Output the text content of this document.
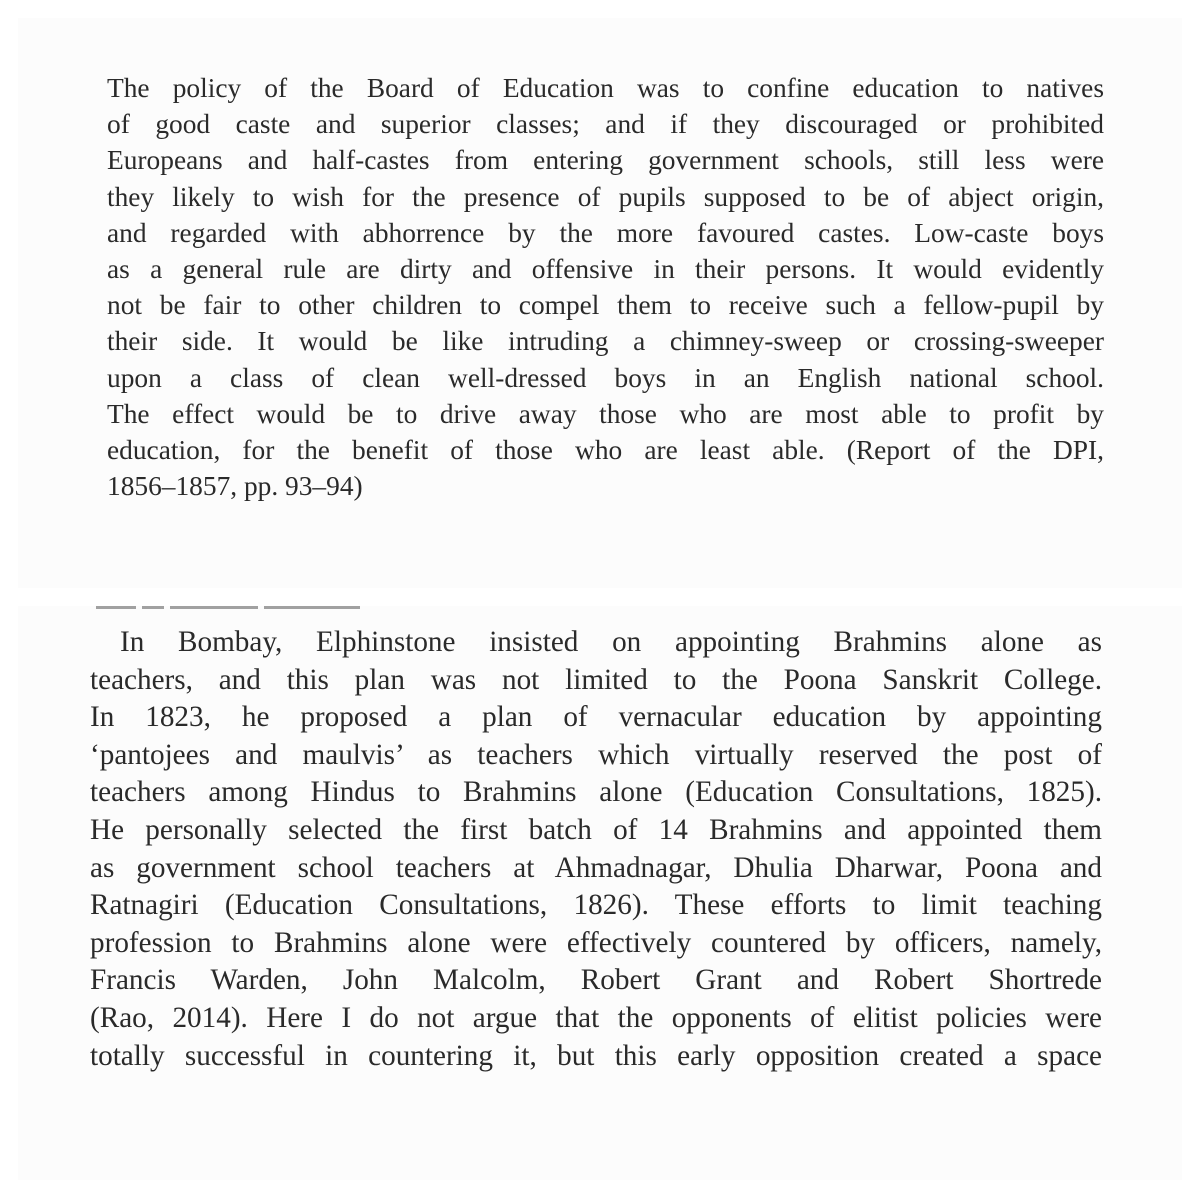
The policy of the Board of Education was to confine education to natives
of good caste and superior classes; and if they discouraged or prohibited
Europeans and half-castes from entering government schools, still less were
they likely to wish for the presence of pupils supposed to be of abject origin,
and regarded with abhorrence by the more favoured castes. Low-caste boys
as a general rule are dirty and offensive in their persons. It would evidently
not be fair to other children to compel them to receive such a fellow-pupil by
their side. It would be like intruding a chimney-sweep or crossing-sweeper
upon a class of clean well-dressed boys in an English national school.
The effect would be to drive away those who are most able to profit by
education, for the benefit of those who are least able. (Report of the DPI,
1856–1857, pp. 93–94)

In Bombay, Elphinstone insisted on appointing Brahmins alone as
teachers, and this plan was not limited to the Poona Sanskrit College.
In 1823, he proposed a plan of vernacular education by appointing
‘pantojees and maulvis’ as teachers which virtually reserved the post of
teachers among Hindus to Brahmins alone (Education Consultations, 1825).
He personally selected the first batch of 14 Brahmins and appointed them
as government school teachers at Ahmadnagar, Dhulia Dharwar, Poona and
Ratnagiri (Education Consultations, 1826). These efforts to limit teaching
profession to Brahmins alone were effectively countered by officers, namely,
Francis Warden, John Malcolm, Robert Grant and Robert Shortrede
(Rao, 2014). Here I do not argue that the opponents of elitist policies were
totally successful in countering it, but this early opposition created a space
